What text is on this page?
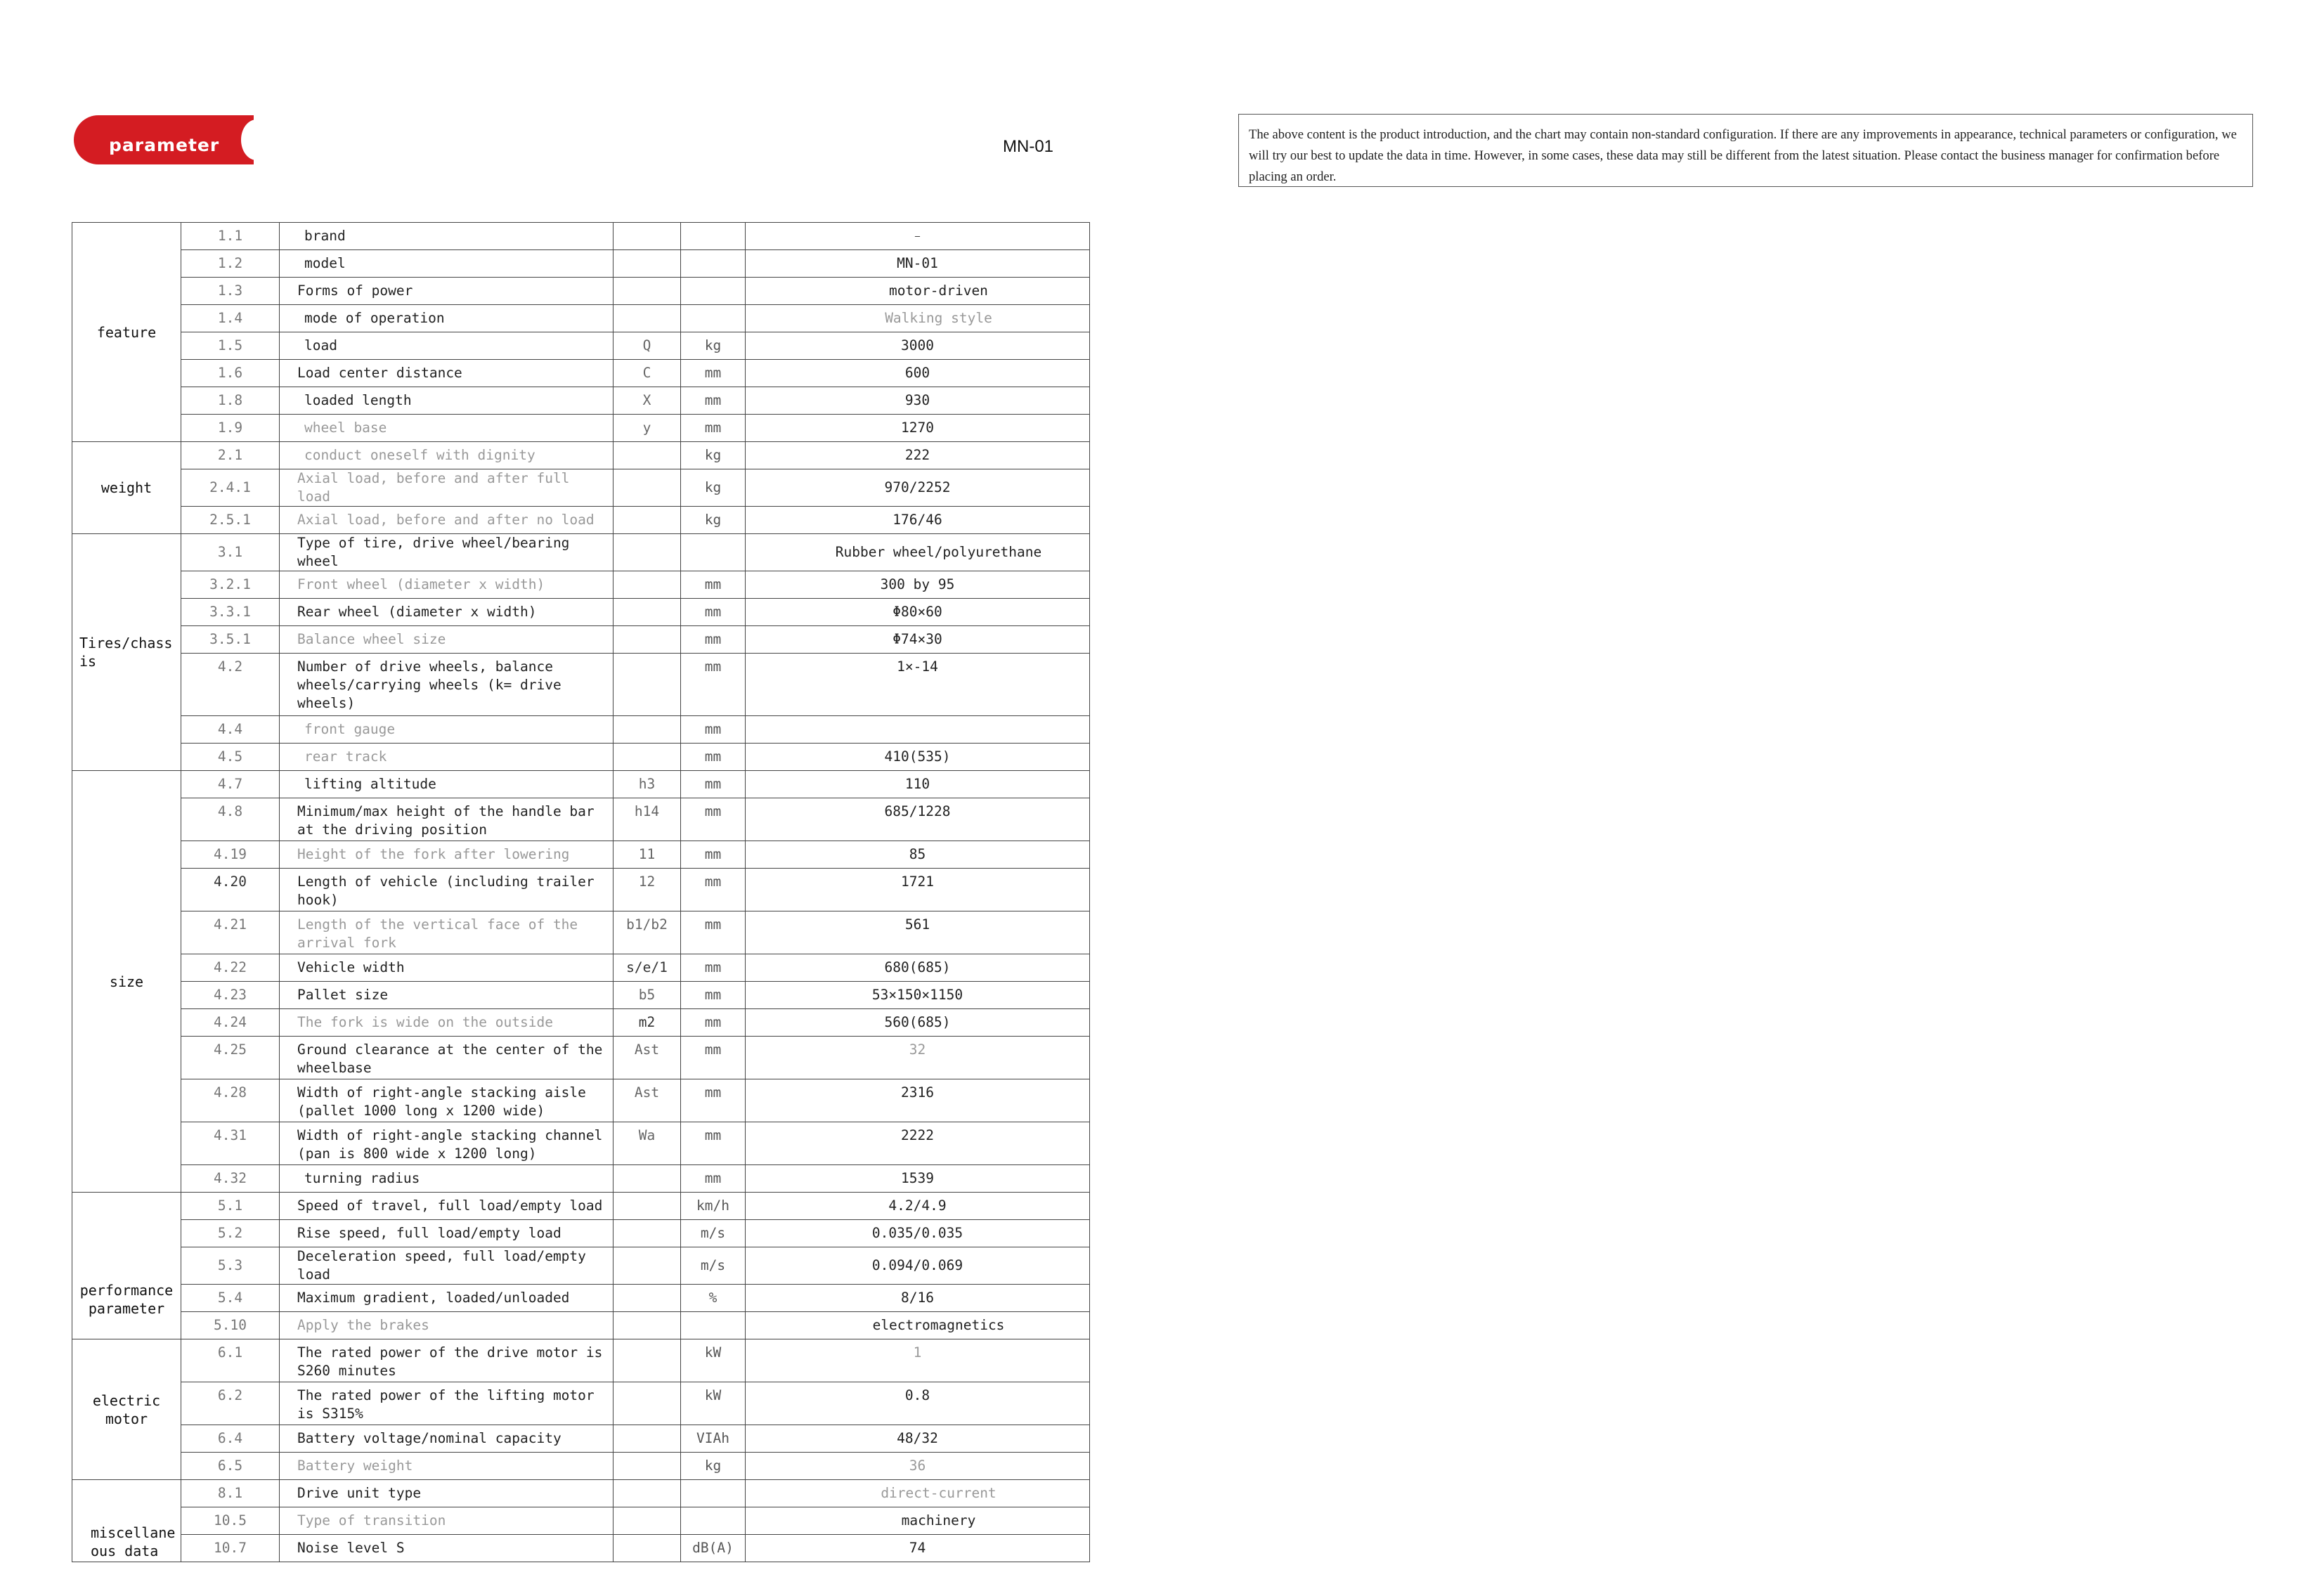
parameter	MN-01
The above content is the product introduction, and the chart may contain non-standard configuration. If there are any improvements in appearance, technical parameters or configuration, we will try our best to update the data in time. However, in some cases, these data may still be different from the latest situation. Please contact the business manager for confirmation before placing an order.
feature	1.1	brand			—
	1.2	model			MN-01
	1.3	Forms of power			motor-driven
	1.4	mode of operation			Walking style
	1.5	load	Q	kg	3000
	1.6	Load center distance	C	mm	600
	1.8	loaded length	X	mm	930
	1.9	wheel base	y	mm	1270
weight	2.1	conduct oneself with dignity		kg	222
	2.4.1	Axial load, before and after full load		kg	970/2252
	2.5.1	Axial load, before and after no load		kg	176/46
Tires/chassis	3.1	Type of tire, drive wheel/bearing wheel			Rubber wheel/polyurethane
	3.2.1	Front wheel (diameter x width)		mm	300 by 95
	3.3.1	Rear wheel (diameter x width)		mm	Φ80×60
	3.5.1	Balance wheel size		mm	Φ74×30
	4.2	Number of drive wheels, balance wheels/carrying wheels (k= drive wheels)		mm	1×-14
	4.4	front gauge		mm	
	4.5	rear track		mm	410(535)
size	4.7	lifting altitude	h3	mm	110
	4.8	Minimum/max height of the handle bar at the driving position	h14	mm	685/1228
	4.19	Height of the fork after lowering	11	mm	85
	4.20	Length of vehicle (including trailer hook)	12	mm	1721
	4.21	Length of the vertical face of the arrival fork	b1/b2	mm	561
	4.22	Vehicle width	s/e/1	mm	680(685)
	4.23	Pallet size	b5	mm	53×150×1150
	4.24	The fork is wide on the outside	m2	mm	560(685)
	4.25	Ground clearance at the center of the wheelbase	Ast	mm	32
	4.28	Width of right-angle stacking aisle (pallet 1000 long x 1200 wide)	Ast	mm	2316
	4.31	Width of right-angle stacking channel (pan is 800 wide x 1200 long)	Wa	mm	2222
	4.32	turning radius		mm	1539
performance parameter	5.1	Speed of travel, full load/empty load		km/h	4.2/4.9
	5.2	Rise speed, full load/empty load		m/s	0.035/0.035
	5.3	Deceleration speed, full load/empty load		m/s	0.094/0.069
	5.4	Maximum gradient, loaded/unloaded		%	8/16
	5.10	Apply the brakes			electromagnetics
electric motor	6.1	The rated power of the drive motor is S260 minutes		kW	1
	6.2	The rated power of the lifting motor is S315%		kW	0.8
	6.4	Battery voltage/nominal capacity		VIAh	48/32
	6.5	Battery weight		kg	36
miscellaneous data	8.1	Drive unit type			direct-current
	10.5	Type of transition			machinery
	10.7	Noise level S		dB(A)	74
